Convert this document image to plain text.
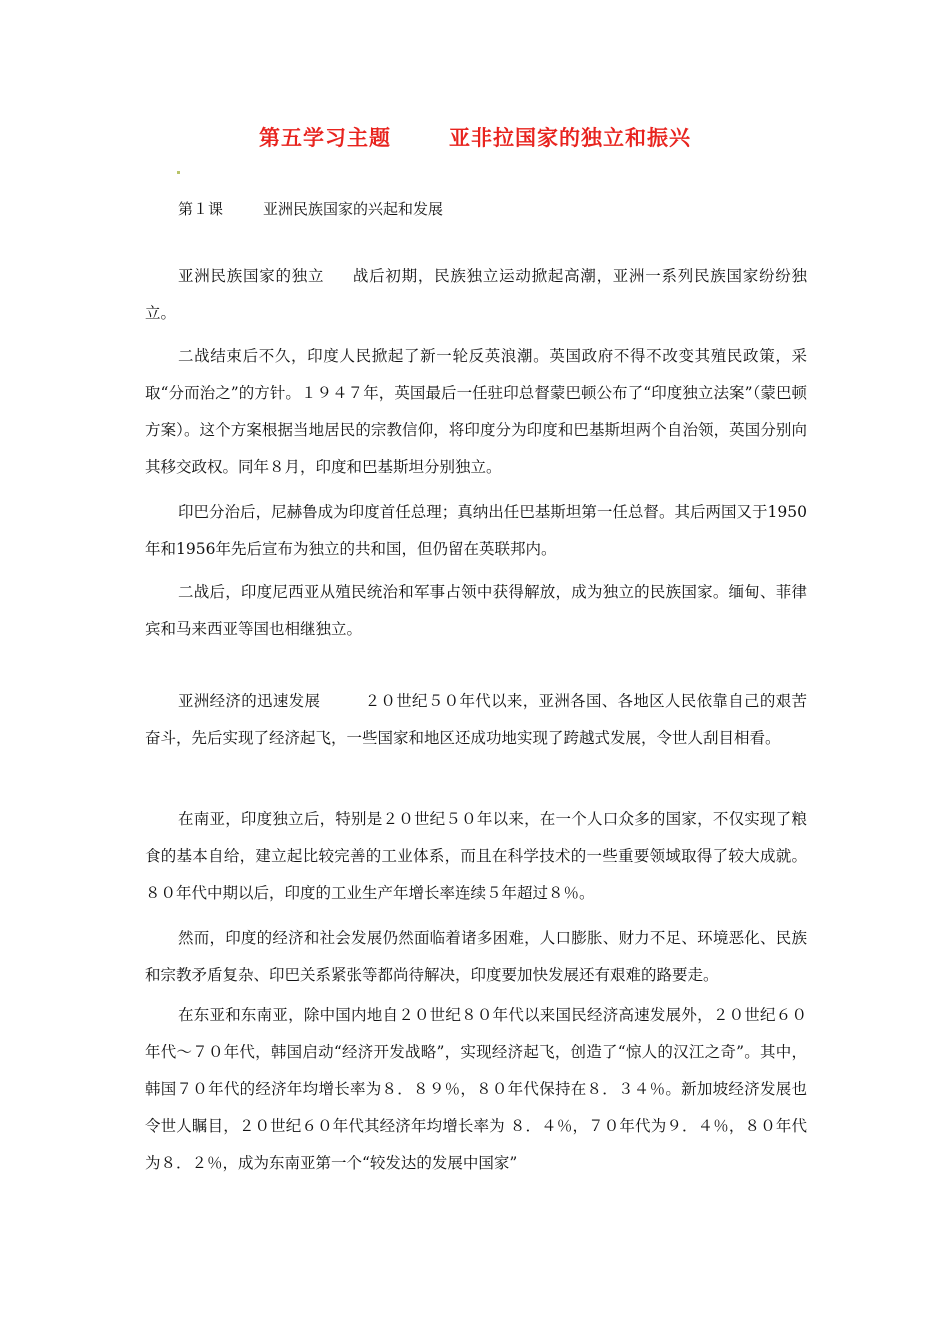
第五学习主题	亚非拉国家的独立和振兴
第１课	亚洲民族国家的兴起和发展

亚洲民族国家的独立 战后初期，民族独立运动掀起高潮，亚洲一系列民族国家纷纷独立。

二战结束后不久，印度人民掀起了新一轮反英浪潮。英国政府不得不改变其殖民政策，采取“分而治之”的方针。１９４７年，英国最后一任驻印总督蒙巴顿公布了“印度独立法案”（蒙巴顿方案）。这个方案根据当地居民的宗教信仰，将印度分为印度和巴基斯坦两个自治领，英国分别向其移交政权。同年８月，印度和巴基斯坦分别独立。

印巴分治后，尼赫鲁成为印度首任总理；真纳出任巴基斯坦第一任总督。其后两国又于1950年和1956年先后宣布为独立的共和国，但仍留在英联邦内。

二战后，印度尼西亚从殖民统治和军事占领中获得解放，成为独立的民族国家。缅甸、菲律宾和马来西亚等国也相继独立。

亚洲经济的迅速发展	２０世纪５０年代以来，亚洲各国、各地区人民依靠自己的艰苦奋斗，先后实现了经济起飞，一些国家和地区还成功地实现了跨越式发展，令世人刮目相看。

在南亚，印度独立后，特别是２０世纪５０年以来，在一个人口众多的国家，不仅实现了粮食的基本自给，建立起比较完善的工业体系，而且在科学技术的一些重要领域取得了较大成就。８０年代中期以后，印度的工业生产年增长率连续５年超过８％。

然而，印度的经济和社会发展仍然面临着诸多困难，人口膨胀、财力不足、环境恶化、民族和宗教矛盾复杂、印巴关系紧张等都尚待解决，印度要加快发展还有艰难的路要走。

在东亚和东南亚，除中国内地自２０世纪８０年代以来国民经济高速发展外，２０世纪６０年代～７０年代，韩国启动“经济开发战略”，实现经济起飞，创造了“惊人的汉江之奇”。其中，韩国７０年代的经济年均增长率为８．８９％，８０年代保持在８．３４％。新加坡经济发展也令世人瞩目，２０世纪６０年代其经济年均增长率为 ８．４％，７０年代为９．４％，８０年代为８．２％，成为东南亚第一个“较发达的发展中国家”
